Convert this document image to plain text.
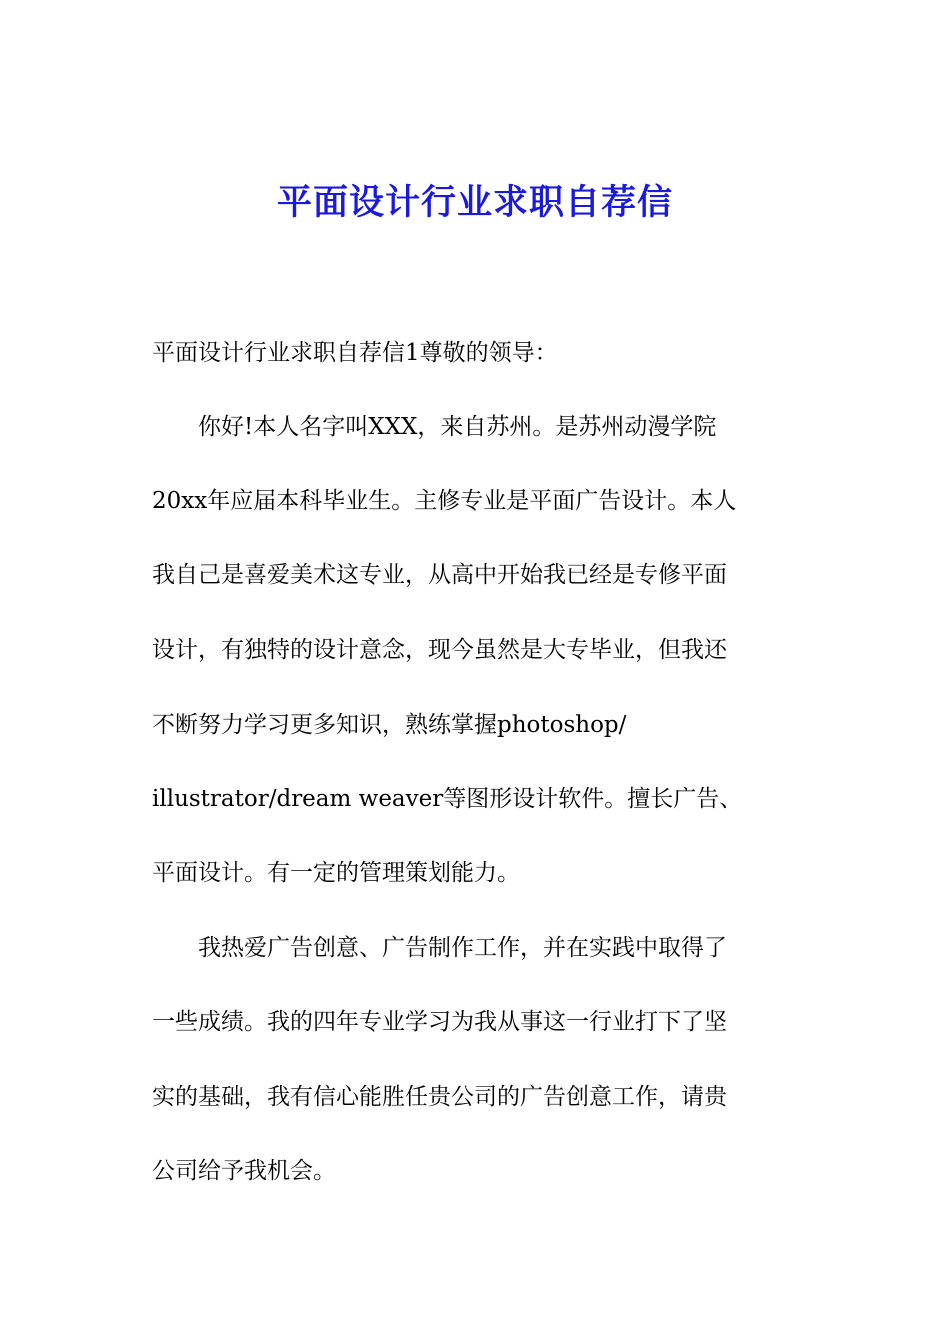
平面设计行业求职自荐信
平面设计行业求职自荐信1尊敬的领导：
　　你好!本人名字叫XXX，来自苏州。是苏州动漫学院
20xx年应届本科毕业生。主修专业是平面广告设计。本人
我自己是喜爱美术这专业，从高中开始我已经是专修平面
设计，有独特的设计意念，现今虽然是大专毕业，但我还
不断努力学习更多知识，熟练掌握photoshop/
illustrator/dream weaver等图形设计软件。擅长广告、
平面设计。有一定的管理策划能力。
　　我热爱广告创意、广告制作工作，并在实践中取得了
一些成绩。我的四年专业学习为我从事这一行业打下了坚
实的基础，我有信心能胜任贵公司的广告创意工作，请贵
公司给予我机会。
